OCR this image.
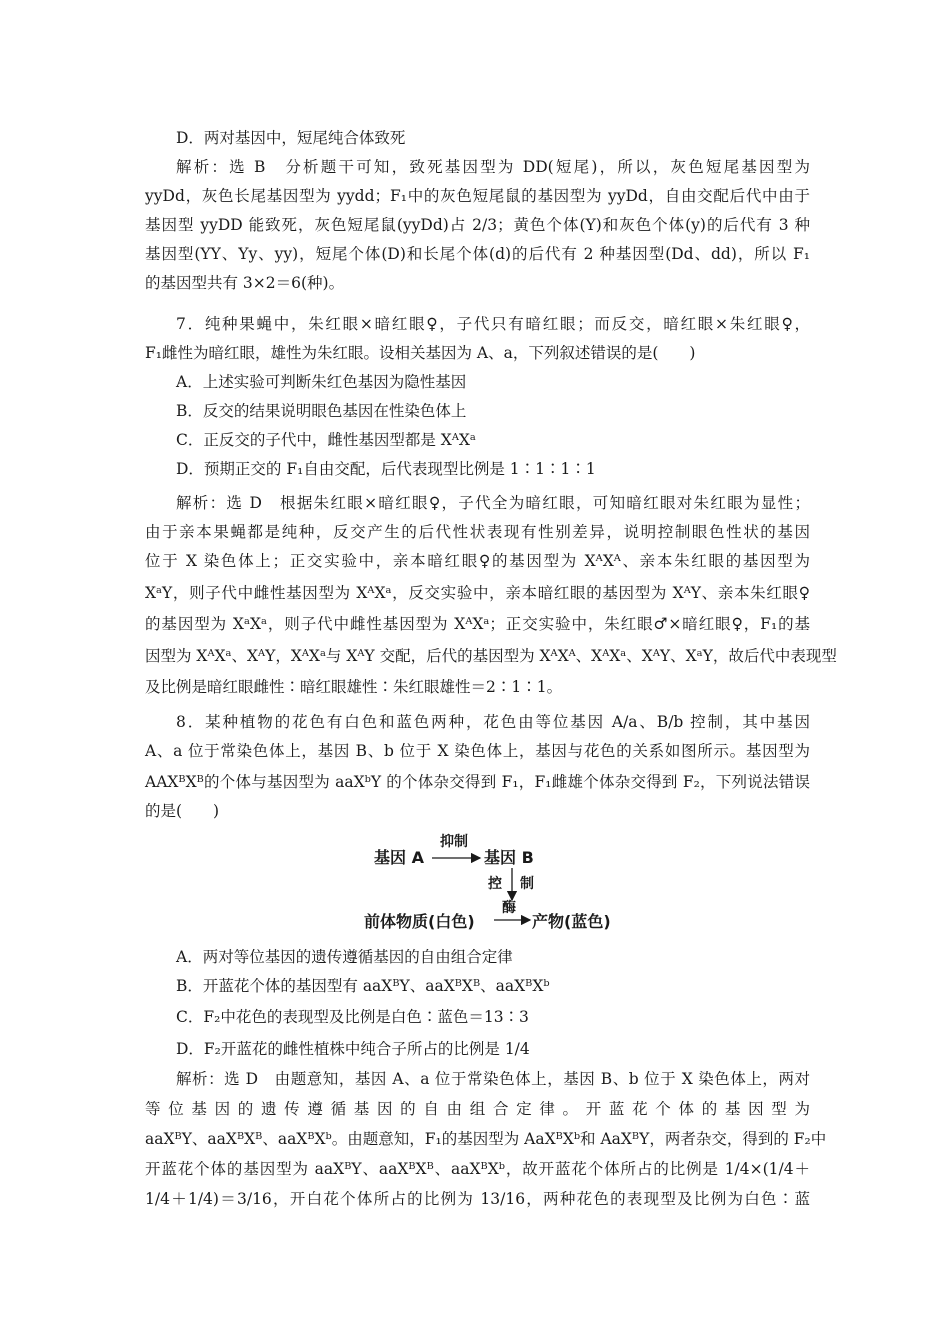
D．两对基因中，短尾纯合体致死
解析：选 B　分析题干可知，致死基因型为 DD(短尾)，所以，灰色短尾基因型为
yyDd，灰色长尾基因型为 yydd；F₁中的灰色短尾鼠的基因型为 yyDd，自由交配后代中由于
基因型 yyDD 能致死，灰色短尾鼠(yyDd)占 2/3；黄色个体(Y)和灰色个体(y)的后代有 3 种
基因型(YY、Yy、yy)，短尾个体(D)和长尾个体(d)的后代有 2 种基因型(Dd、dd)，所以 F₁
的基因型共有 3×2＝6(种)。
7．纯种果蝇中，朱红眼×暗红眼♀，子代只有暗红眼；而反交，暗红眼×朱红眼♀，
F₁雌性为暗红眼，雄性为朱红眼。设相关基因为 A、a，下列叙述错误的是(　　)
A．上述实验可判断朱红色基因为隐性基因
B．反交的结果说明眼色基因在性染色体上
C．正反交的子代中，雌性基因型都是 XᴬXᵃ
D．预期正交的 F₁自由交配，后代表现型比例是 1∶1∶1∶1
解析：选 D　根据朱红眼×暗红眼♀，子代全为暗红眼，可知暗红眼对朱红眼为显性；
由于亲本果蝇都是纯种，反交产生的后代性状表现有性别差异，说明控制眼色性状的基因
位于 X 染色体上；正交实验中，亲本暗红眼♀的基因型为 XᴬXᴬ、亲本朱红眼的基因型为
XᵃY，则子代中雌性基因型为 XᴬXᵃ，反交实验中，亲本暗红眼的基因型为 XᴬY、亲本朱红眼♀
的基因型为 XᵃXᵃ，则子代中雌性基因型为 XᴬXᵃ；正交实验中，朱红眼♂×暗红眼♀，F₁的基
因型为 XᴬXᵃ、XᴬY，XᴬXᵃ与 XᴬY 交配，后代的基因型为 XᴬXᴬ、XᴬXᵃ、XᴬY、XᵃY，故后代中表现型
及比例是暗红眼雌性∶暗红眼雄性∶朱红眼雄性＝2∶1∶1。
8．某种植物的花色有白色和蓝色两种，花色由等位基因 A/a、B/b 控制，其中基因
A、a 位于常染色体上，基因 B、b 位于 X 染色体上，基因与花色的关系如图所示。基因型为
AAXᴮXᴮ的个体与基因型为 aaXᵇY 的个体杂交得到 F₁，F₁雌雄个体杂交得到 F₂，下列说法错误
的是(　　)
基因 A
抑制
基因 B
控 制
酶
前体物质(白色)	产物(蓝色)
A．两对等位基因的遗传遵循基因的自由组合定律
B．开蓝花个体的基因型有 aaXᴮY、aaXᴮXᴮ、aaXᴮXᵇ
C．F₂中花色的表现型及比例是白色∶蓝色＝13∶3
D．F₂开蓝花的雌性植株中纯合子所占的比例是 1/4
解析：选 D　由题意知，基因 A、a 位于常染色体上，基因 B、b 位于 X 染色体上，两对
等位基因的遗传遵循基因的自由组合定律。开蓝花个体的基因型为
aaXᴮY、aaXᴮXᴮ、aaXᴮXᵇ。由题意知，F₁的基因型为 AaXᴮXᵇ和 AaXᴮY，两者杂交，得到的 F₂中
开蓝花个体的基因型为 aaXᴮY、aaXᴮXᴮ、aaXᴮXᵇ，故开蓝花个体所占的比例是 1/4×(1/4＋
1/4＋1/4)＝3/16，开白花个体所占的比例为 13/16，两种花色的表现型及比例为白色∶蓝
